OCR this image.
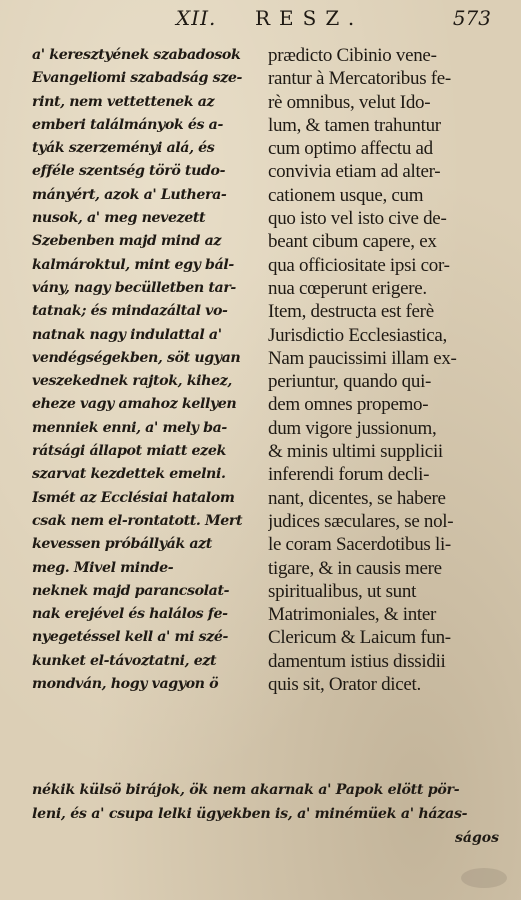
XII. RESZ.	573
a' keresztyének szabadosok
Evangeliomi szabadság sze-
rint, nem vettettenek az
emberi találmányok és a-
tyák szerzeményi alá, és
efféle szentség törö tudo-
mányért, azok a' Luthera-
nusok, a' meg nevezett
Szebenben majd mind az
kalmároktul, mint egy bál-
vány, nagy becülletben tar-
tatnak; és mindazáltal vo-
natnak nagy indulattal a'
vendégségekben, söt ugyan
veszekednek rajtok, kihez,
eheze vagy amahoz kellyen
menniek enni, a' mely ba-
rátsági állapot miatt ezek
szarvat kezdettek emelni.
Ismét az Ecclésiai hatalom
csak nem el-rontatott. Mert
kevessen próbállyák azt
meg. Mivel minde-
neknek majd parancsolat-
nak erejével és halálos fe-
nyegetéssel kell a' mi szé-
kunket el-távoztatni, ezt
mondván, hogy vagyon ö
prædicto Cibinio vene-
rantur à Mercatoribus fe-
rè omnibus, velut Ido-
lum, & tamen trahuntur
cum optimo affectu ad
convivia etiam ad alter-
cationem usque, cum
quo isto vel isto cive de-
beant cibum capere, ex
qua officiositate ipsi cor-
nua cœperunt erigere.
Item, destructa est ferè
Jurisdictio Ecclesiastica,
Nam paucissimi illam ex-
periuntur, quando qui-
dem omnes propemo-
dum vigore jussionum,
& minis ultimi supplicii
inferendi forum decli-
nant, dicentes, se habere
judices sæculares, se nol-
le coram Sacerdotibus li-
tigare, & in causis mere
spiritualibus, ut sunt
Matrimoniales, & inter
Clericum & Laicum fun-
damentum istius dissidii
quis sit, Orator dicet.
nékik külsö birájok, ök nem akarnak a' Papok elött pör-
leni, és a' csupa lelki ügyekben is, a' minémüek a' házas-
ságos
